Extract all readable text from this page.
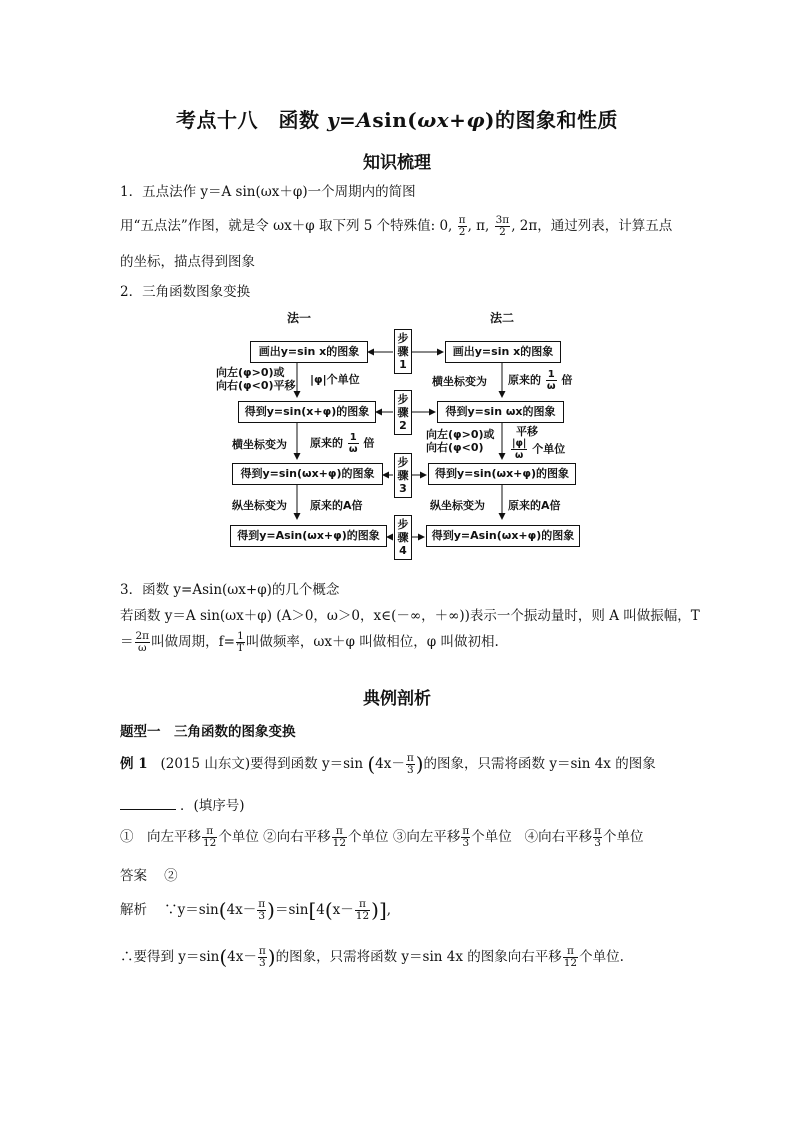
考点十八　函数 y=Asin(ωx+φ)的图象和性质
知识梳理
1．五点法作 y＝A sin(ωx＋φ)一个周期内的简图
用“五点法”作图，就是令 ωx＋φ 取下列 5 个特殊值: 0, $\frac{\pi}{2}$ , π, $\frac{3\pi}{2}$ , 2π，通过列表，计算五点
的坐标，描点得到图象
2．三角函数图象变换
法一	法二
画出y=sin x的图象
得到y=sin(x+φ)的图象
得到y=sin(ωx+φ)的图象
得到y=Asin(ωx+φ)的图象
画出y=sin x的图象
得到y=sin ωx的图象
得到y=sin(ωx+φ)的图象
得到y=Asin(ωx+φ)的图象
步骤1
步骤2
步骤3
步骤4
向左(φ>0)或
向右(φ<0)平移 |φ|个单位
横坐标变为 原来的 $\frac{1}{\omega}$ 倍
纵坐标变为 原来的A倍
横坐标变为 原来的 $\frac{1}{\omega}$ 倍
向左(φ>0)或
向右(φ<0)
平移

$\frac{|\varphi|}{\omega}$ 个单位
纵坐标变为 原来的A倍
3．函数 y=Asin(ωx+φ)的几个概念
若函数 y＝A sin(ωx＋φ) (A＞0，ω＞0，x∈(－∞，＋∞))表示一个振动量时，则 A 叫做振幅，T
＝ $\frac{2\pi}{\omega}$ 叫做周期，$f= \frac{1}{T}$ 叫做频率，ωx＋φ 叫做相位，φ 叫做初相.
典例剖析
题型一　三角函数的图象变换
例 1 (2015 山东文)要得到函数 y＝sin ($4x- \frac{\pi}{3}$ )的图象，只需将函数 y＝sin 4x 的图象
．(填序号)
①　向左平移 $\frac{\pi}{12}$ 个单位 ②向右平移 $\frac{\pi}{12}$ 个单位 ③向左平移 $\frac{\pi}{3}$ 个单位 ④向右平移 $\frac{\pi}{3}$ 个单位
答案 ②
解析 ∵y＝sin(4x－ $\frac{\pi}{3} )=\sin[4(x- \frac{\pi}{12}$ )],
∴要得到 $y=\sin(4x- \frac{\pi}{3}$ )的图象，只需将函数 y＝sin 4x 的图象向右平移 $\frac{\pi}{12}$ 个单位.
